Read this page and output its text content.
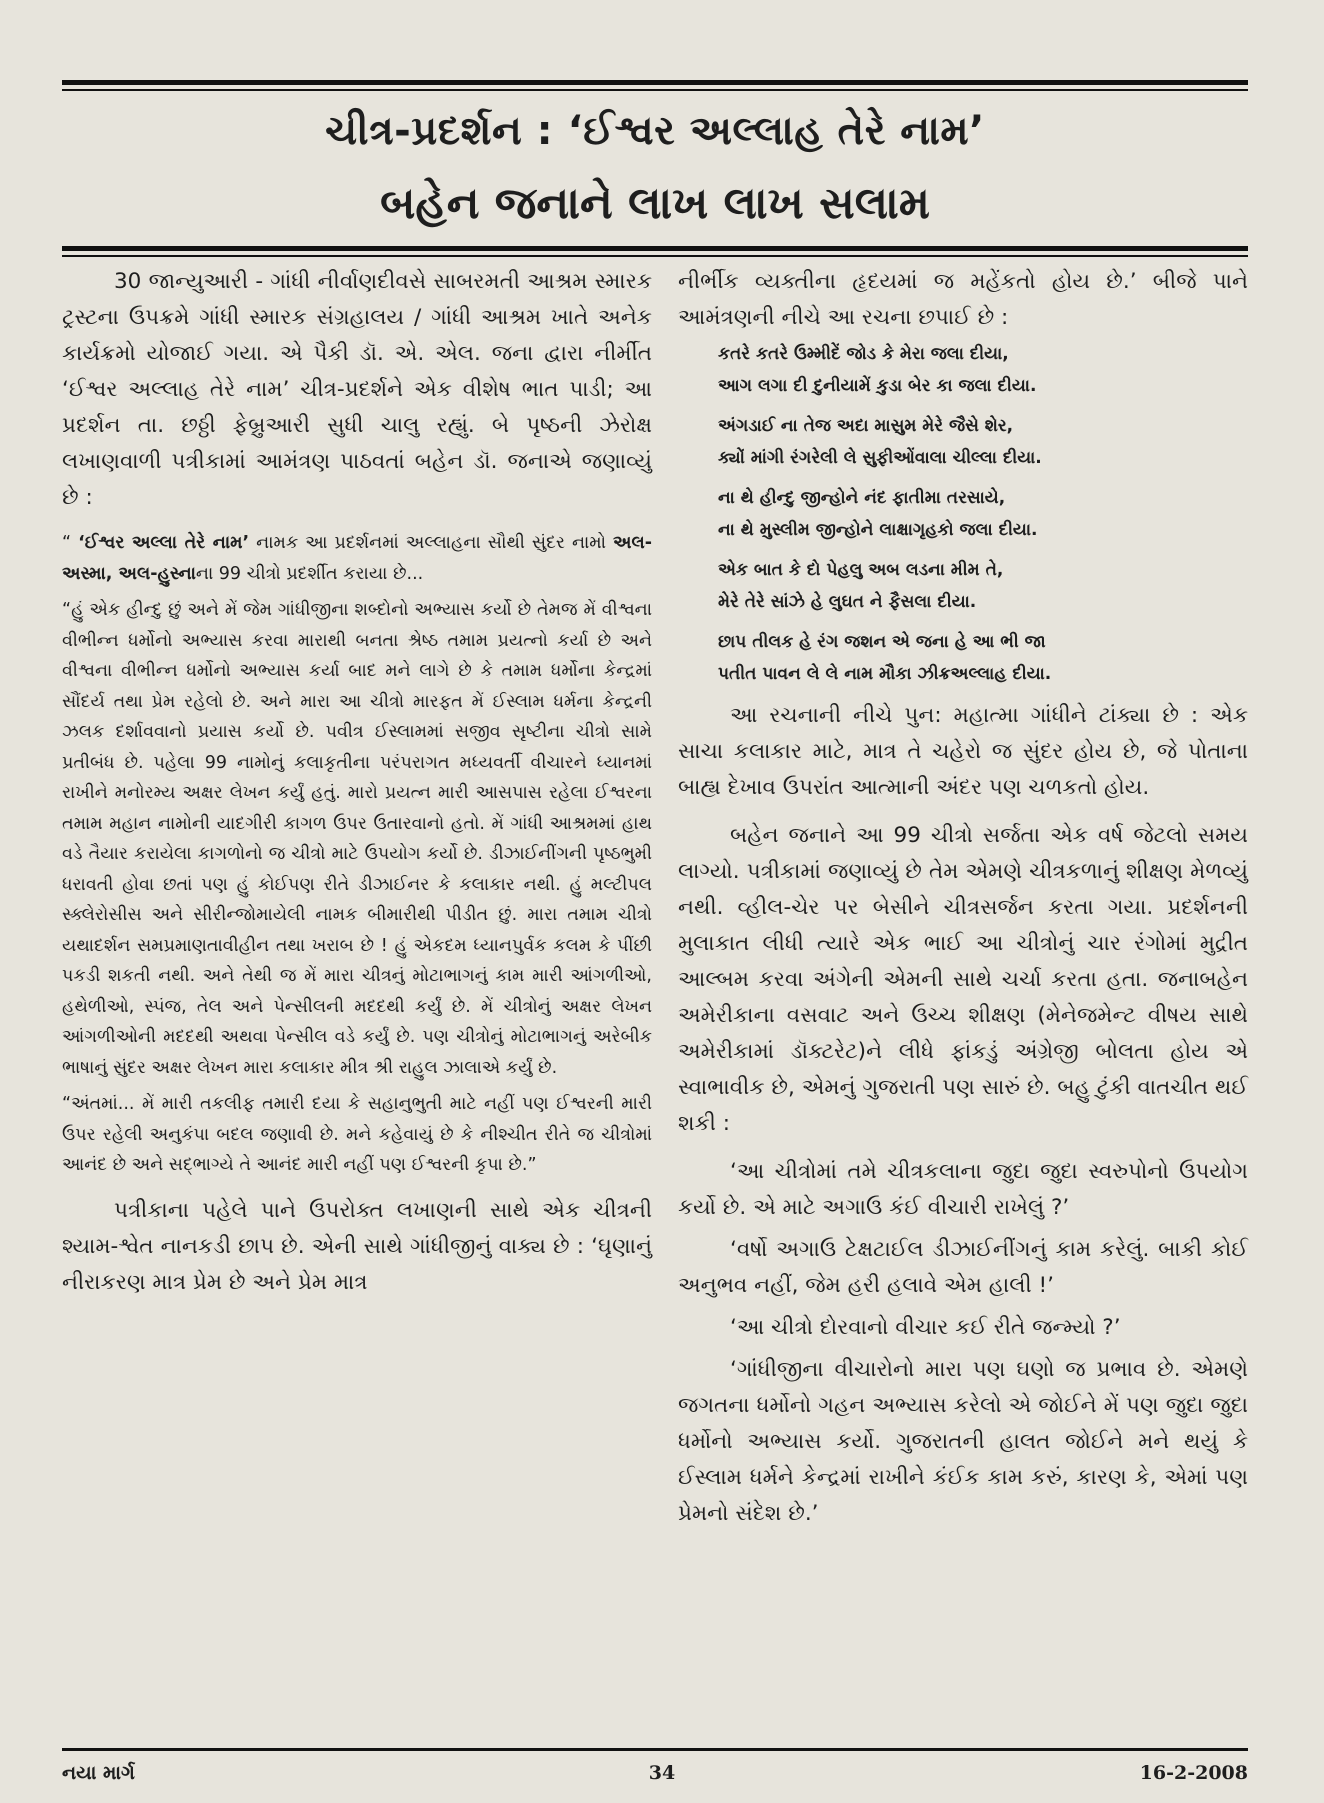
ચીત્ર-પ્રદર્શન : ‘ઈશ્વર અલ્લાહ તેરે નામ’
બહેન જનાને લાખ લાખ સલામ

30 જાન્યુઆરી - ગાંધી નીર્વાણદીવસે સાબરમતી આશ્રમ સ્મારક ટ્રસ્ટના ઉપક્રમે ગાંધી સ્મારક સંગ્રહાલય / ગાંધી આશ્રમ ખાતે અનેક કાર્યક્રમો યોજાઈ ગયા. એ પૈકી ડૉ. એ. એલ. જના દ્વારા નીર્મીત ‘ઈશ્વર અલ્લાહ તેરે નામ’ ચીત્ર-પ્રદર્શને એક વીશેષ ભાત પાડી; આ પ્રદર્શન તા. છઠ્ઠી ફેબ્રુઆરી સુધી ચાલુ રહ્યું. બે પૃષ્ઠની ઝેરોક્ષ લખાણવાળી પત્રીકામાં આમંત્રણ પાઠવતાં બહેન ડૉ. જનાએ જણાવ્યું છે :

“ ‘ઈશ્વર અલ્લા તેરે નામ’ નામક આ પ્રદર્શનમાં અલ્લાહના સૌથી સુંદર નામો અલ-અસ્મા, અલ-હુસ્નાના 99 ચીત્રો પ્રદર્શીત કરાયા છે...

“હું એક હીન્દુ છું અને મેં જેમ ગાંધીજીના શબ્દોનો અભ્યાસ કર્યો છે તેમજ મેં વીશ્વના વીભીન્ન ધર્મોનો અભ્યાસ કરવા મારાથી બનતા શ્રેષ્ઠ તમામ પ્રયત્નો કર્યા છે અને વીશ્વના વીભીન્ન ધર્મોનો અભ્યાસ કર્યા બાદ મને લાગે છે કે તમામ ધર્મોના કેન્દ્રમાં સૌંદર્ય તથા પ્રેમ રહેલો છે. અને મારા આ ચીત્રો મારફત મેં ઈસ્લામ ધર્મના કેન્દ્રની ઝલક દર્શાવવાનો પ્રયાસ કર્યો છે. પવીત્ર ઈસ્લામમાં સજીવ સૃષ્ટીના ચીત્રો સામે પ્રતીબંધ છે. પહેલા 99 નામોનું કલાકૃતીના પરંપરાગત મધ્યવર્તી વીચારને ધ્યાનમાં રાખીને મનોરમ્ય અક્ષર લેખન કર્યું હતું. મારો પ્રયત્ન મારી આસપાસ રહેલા ઈશ્વરના તમામ મહાન નામોની યાદગીરી કાગળ ઉપર ઉતારવાનો હતો. મેં ગાંધી આશ્રમમાં હાથ વડે તૈયાર કરાયેલા કાગળોનો જ ચીત્રો માટે ઉપયોગ કર્યો છે. ડીઝાઈનીંગની પૃષ્ઠભુમી ધરાવતી હોવા છતાં પણ હું કોઈપણ રીતે ડીઝાઈનર કે કલાકાર નથી. હું મલ્ટીપલ સ્ક્લેરોસીસ અને સીરીન્જોમાયેલી નામક બીમારીથી પીડીત છું. મારા તમામ ચીત્રો યથાદર્શન સમપ્રમાણતાવીહીન તથા ખરાબ છે ! હું એકદમ ધ્યાનપુર્વક કલમ કે પીંછી પકડી શકતી નથી. અને તેથી જ મેં મારા ચીત્રનું મોટાભાગનું કામ મારી આંગળીઓ, હથેળીઓ, સ્પંજ, તેલ અને પેન્સીલની મદદથી કર્યું છે. મેં ચીત્રોનું અક્ષર લેખન આંગળીઓની મદદથી અથવા પેન્સીલ વડે કર્યું છે. પણ ચીત્રોનું મોટાભાગનું અરેબીક ભાષાનું સુંદર અક્ષર લેખન મારા કલાકાર મીત્ર શ્રી રાહુલ ઝાલાએ કર્યું છે.

“અંતમાં... મેં મારી તકલીફ તમારી દયા કે સહાનુભુતી માટે નહીં પણ ઈશ્વરની મારી ઉપર રહેલી અનુકંપા બદલ જણાવી છે. મને કહેવાયું છે કે નીશ્ચીત રીતે જ ચીત્રોમાં આનંદ છે અને સદ્‌ભાગ્યે તે આનંદ મારી નહીં પણ ઈશ્વરની કૃપા છે.”

પત્રીકાના પહેલે પાને ઉપરોક્ત લખાણની સાથે એક ચીત્રની શ્યામ-શ્વેત નાનકડી છાપ છે. એની સાથે ગાંધીજીનું વાક્ય છે : ‘ઘૃણાનું નીરાકરણ માત્ર પ્રેમ છે અને પ્રેમ માત્ર

નીર્ભીક વ્યક્તીના હૃદયમાં જ મહેંકતો હોય છે.’ બીજે પાને આમંત્રણની નીચે આ રચના છપાઈ છે :

કતરે કતરે ઉમ્મીદેં જોડ કે મેરા જલા દીયા,
આગ લગા દી દુનીયામેં કુડા બેર કા જલા દીયા.
અંગડાઈ ના તેજ અદા માસુમ મેરે જૈસે શેર,
ક્યોં માંગી રંગરેલી લે સુફીઓંવાલા ચીલ્લા દીયા.
ના થે હીન્દુ જીન્હોને નંદ ફાતીમા તરસાયે,
ના થે મુસ્લીમ જીન્હોને લાક્ષાગૃહકો જલા દીયા.
એક બાત કે દો પેહલુ અબ લડના મીમ તે,
મેરે તેરે સાંઝે હે લુઘત ને ફૈસલા દીયા.
છાપ તીલક હે રંગ જશન એ જના હે આ ભી જા
પતીત પાવન લે લે નામ મૌકા ઝીક્રઅલ્લાહ દીયા.

આ રચનાની નીચે પુન: મહાત્મા ગાંધીને ટાંક્યા છે : એક સાચા કલાકાર માટે, માત્ર તે ચહેરો જ સુંદર હોય છે, જે પોતાના બાહ્ય દેખાવ ઉપરાંત આત્માની અંદર પણ ચળકતો હોય.

બહેન જનાને આ 99 ચીત્રો સર્જતા એક વર્ષ જેટલો સમય લાગ્યો. પત્રીકામાં જણાવ્યું છે તેમ એમણે ચીત્રકળાનું શીક્ષણ મેળવ્યું નથી. વ્હીલ-ચેર પર બેસીને ચીત્રસર્જન કરતા ગયા. પ્રદર્શનની મુલાકાત લીધી ત્યારે એક ભાઈ આ ચીત્રોનું ચાર રંગોમાં મુદ્રીત આલ્બમ કરવા અંગેની એમની સાથે ચર્ચા કરતા હતા. જનાબહેન અમેરીકાના વસવાટ અને ઉચ્ચ શીક્ષણ (મેનેજમેન્ટ વીષય સાથે અમેરીકામાં ડૉક્ટરેટ)ને લીધે ફાંકડું અંગ્રેજી બોલતા હોય એ સ્વાભાવીક છે, એમનું ગુજરાતી પણ સારું છે. બહુ ટુંકી વાતચીત થઈ શકી :

‘આ ચીત્રોમાં તમે ચીત્રકલાના જુદા જુદા સ્વરુપોનો ઉપયોગ કર્યો છે. એ માટે અગાઉ કંઈ વીચારી રાખેલું ?’

‘વર્ષો અગાઉ ટેક્ષટાઈલ ડીઝાઈનીંગનું કામ કરેલું. બાકી કોઈ અનુભવ નહીં, જેમ હરી હલાવે એમ હાલી !’

‘આ ચીત્રો દોરવાનો વીચાર કઈ રીતે જન્મ્યો ?’

‘ગાંધીજીના વીચારોનો મારા પણ ઘણો જ પ્રભાવ છે. એમણે જગતના ધર્મોનો ગહન અભ્યાસ કરેલો એ જોઈને મેં પણ જુદા જુદા ધર્મોનો અભ્યાસ કર્યો. ગુજરાતની હાલત જોઈને મને થયું કે ઈસ્લામ ધર્મને કેન્દ્રમાં રાખીને કંઈક કામ કરું, કારણ કે, એમાં પણ પ્રેમનો સંદેશ છે.’

નયા માર્ગ	34	16-2-2008
